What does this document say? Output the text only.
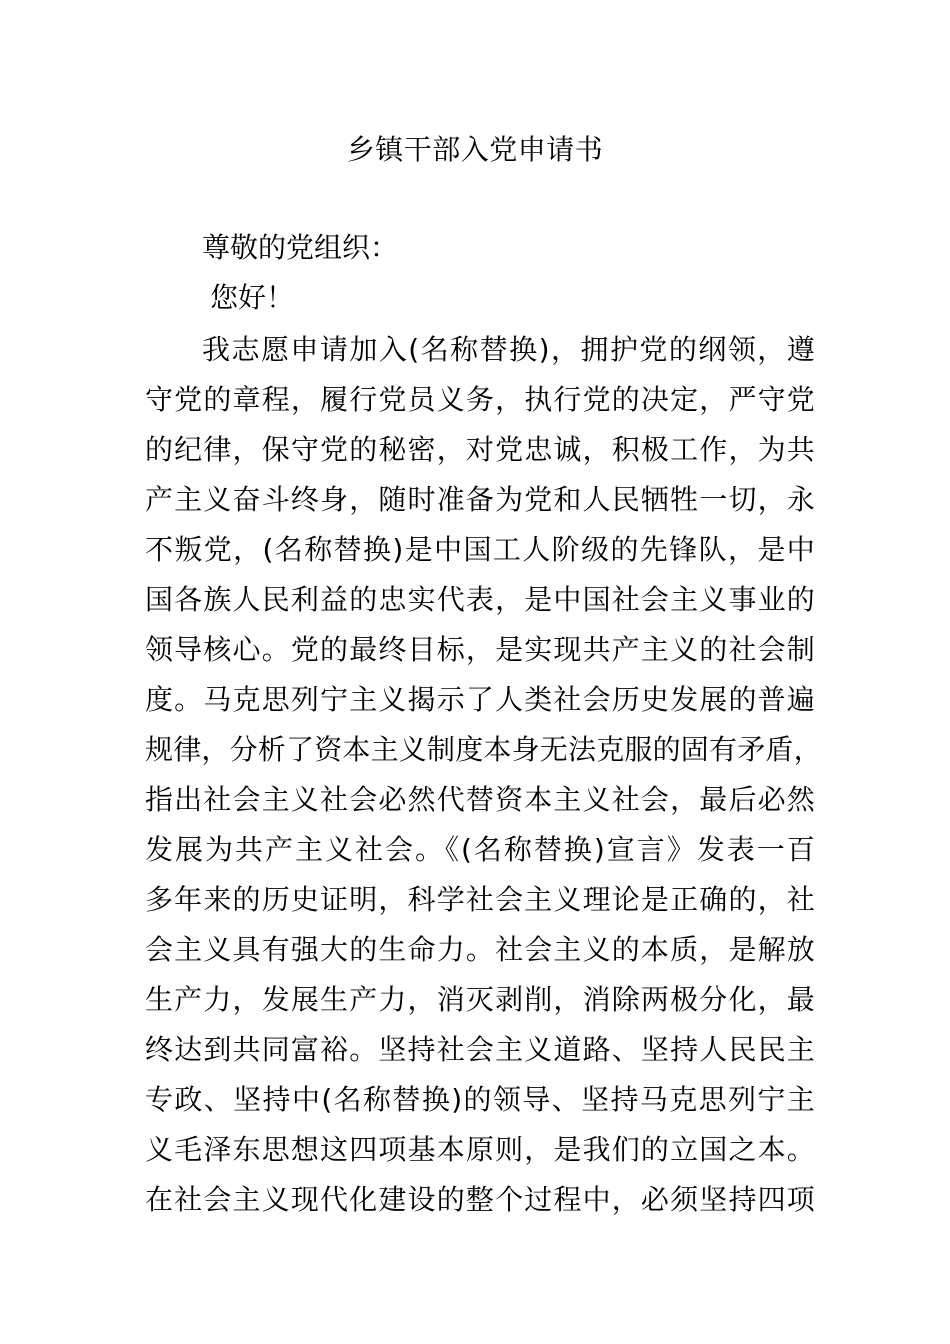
乡镇干部入党申请书
尊敬的党组织：
您好！
我志愿申请加入(名称替换)，拥护党的纲领，遵
守党的章程，履行党员义务，执行党的决定，严守党
的纪律，保守党的秘密，对党忠诚，积极工作，为共
产主义奋斗终身，随时准备为党和人民牺牲一切，永
不叛党，(名称替换)是中国工人阶级的先锋队，是中
国各族人民利益的忠实代表，是中国社会主义事业的
领导核心。党的最终目标，是实现共产主义的社会制
度。马克思列宁主义揭示了人类社会历史发展的普遍
规律，分析了资本主义制度本身无法克服的固有矛盾，
指出社会主义社会必然代替资本主义社会，最后必然
发展为共产主义社会。《(名称替换)宣言》发表一百
多年来的历史证明，科学社会主义理论是正确的，社
会主义具有强大的生命力。社会主义的本质，是解放
生产力，发展生产力，消灭剥削，消除两极分化，最
终达到共同富裕。坚持社会主义道路、坚持人民民主
专政、坚持中(名称替换)的领导、坚持马克思列宁主
义毛泽东思想这四项基本原则，是我们的立国之本。
在社会主义现代化建设的整个过程中，必须坚持四项
